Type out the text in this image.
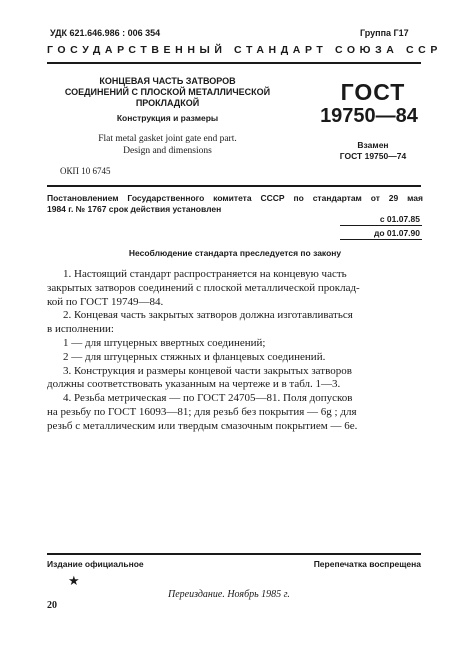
УДК 621.646.986 : 006 354	Группа Г17
ГОСУДАРСТВЕННЫЙ СТАНДАРТ СОЮЗА ССР
КОНЦЕВАЯ ЧАСТЬ ЗАТВОРОВ
СОЕДИНЕНИЙ С ПЛОСКОЙ МЕТАЛЛИЧЕСКОЙ
ПРОКЛАДКОЙ
Конструкция и размеры
Flat metal gasket joint gate end part.
Design and dimensions
ОКП 10 6745
ГОСТ
19750—84
Взамен
ГОСТ 19750—74
Постановлением Государственного комитета СССР по стандартам от 29 мая
1984 г. № 1767 срок действия установлен
с 01.07.85
до 01.07.90
Несоблюдение стандарта преследуется по закону

1. Настоящий стандарт распространяется на концевую часть

закрытых затворов соединений с плоской металлической проклад-

кой по ГОСТ 19749—84.

2. Концевая часть закрытых затворов должна изготавливаться

в исполнении:

1 — для штуцерных ввертных соединений;

2 — для штуцерных стяжных и фланцевых соединений.

3. Конструкция и размеры концевой части закрытых затворов

должны соответствовать указанным на чертеже и в табл. 1—3.

4. Резьба метрическая — по ГОСТ 24705—81. Поля допусков

на резьбу по ГОСТ 16093—81; для резьб без покрытия — 6g ; для

резьб с металлическим или твердым смазочным покрытием — 6е.

Издание официальное	Перепечатка воспрещена
★
20
Переиздание. Ноябрь 1985 г.
